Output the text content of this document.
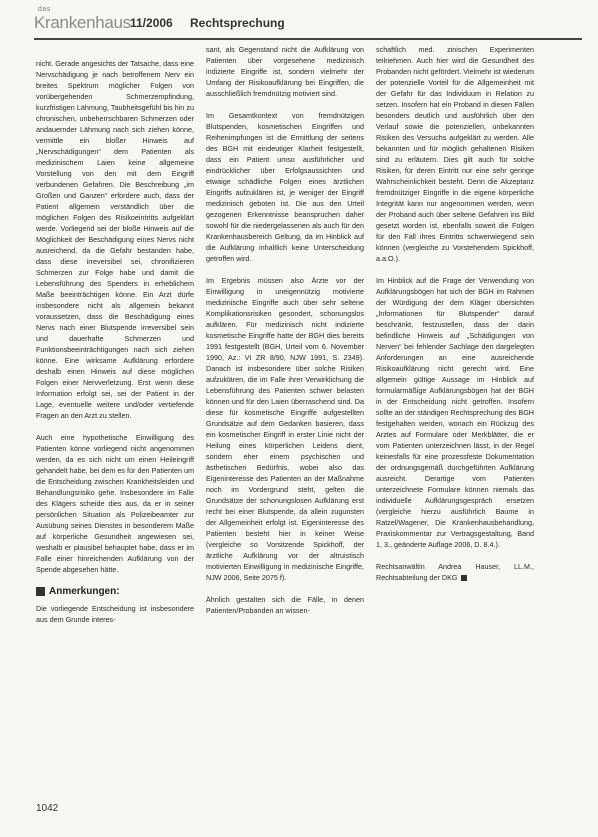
das
Krankenhaus 11/2006 Rechtsprechung

nicht. Gerade angesichts der Tatsache, dass eine Nervschädigung je nach betroffenem Nerv ein breites Spektrum möglicher Folgen von vorübergehenden Schmerzempfindung, kurzfristigen Lähmung, Taubheitsgefühl bis hin zu chronischen, unbeherrschbaren Schmerzen oder andauernder Lähmung nach sich ziehen könne, vermittle ein bloßer Hinweis auf „Nervschädigungen“ dem Patienten als medizinischem Laien keine allgemeine Vorstellung von den mit dem Eingriff verbundenen Gefahren. Die Beschreibung „im Großen und Ganzen“ erfordere auch, dass der Patient allgemein verständlich über die möglichen Folgen des Risikoeintritts aufgeklärt werde. Vorliegend sei der bloße Hinweis auf die Möglichkeit der Beschädigung eines Nervs nicht ausreichend, da die Gefahr bestanden habe, dass diese irreversibel sei, chronifizieren Schmerzen zur Folge habe und damit die Lebensführung des Spenders in erheblichem Maße beeinträchtigen könne. Ein Arzt dürfe insbesondere nicht als allgemein bekannt voraussetzen, dass die Beschädigung eines Nervs nach einer Blutspende irreversibel sein und dauerhafte Schmerzen und Funktionsbeeinträchtigungen nach sich ziehen könne. Eine wirksame Aufklärung erfordere deshalb einen Hinweis auf diese möglichen Folgen einer Nervverletzung. Erst wenn diese Information erfolgt sei, sei der Patient in der Lage, eventuelle weitere und/oder vertiefende Fragen an den Arzt zu stellen.

Auch eine hypothetische Einwilligung des Patienten könne vorliegend nicht angenommen werden, da es sich nicht um einen Heileingriff gehandelt habe, bei dem es für den Patienten um die Entscheidung zwischen Krankheitsleiden und Behandlungsrisiko gehe. Insbesondere im Falle des Klägers scheide dies aus, da er in seiner persönlichen Situation als Polizeibeamter zur Ausübung seines Dienstes in besonderem Maße auf körperliche Gesundheit angewiesen sei, weshalb er plausibel behauptet habe, dass er im Falle einer hinreichenden Aufklärung von der Spende abgesehen hätte.

Anmerkungen:

Die vorliegende Entscheidung ist insbesondere aus dem Grunde interes-

sant, als Gegenstand nicht die Aufklärung von Patienten über vorgesehene medizinisch indizierte Eingriffe ist, sondern vielmehr der Umfang der Risikoaufklärung bei Eingriffen, die ausschließlich fremdnützig motiviert sind.

Im Gesamtkontext von fremdnützigen Blutspenden, kosmetischen Eingriffen und Reihenimpfungen ist die Ermittlung der seitens des BGH mit eindeutiger Klarheit festgestellt, dass ein Patient umso ausführlicher und eindrücklicher über Erfolgsaussichten und etwaige schädliche Folgen eines ärztlichen Eingriffs aufzuklären ist, je weniger der Eingriff medizinisch geboten ist. Die aus den Urteil gezogenen Erkenntnisse beanspruchen daher sowohl für die niedergelassenen als auch für den Krankenhausbereich Geltung, da im Hinblick auf die Aufklärung inhaltlich keine Unterscheidung getroffen wird.

Im Ergebnis müssen also Ärzte vor der Einwilligung in uneigennützig motivierte medizinische Eingriffe auch über sehr seltene Komplikationsrisiken gesondert, schonungslos aufklären. Für medizinisch nicht indizierte kosmetische Eingriffe hatte der BGH dies bereits 1991 festgestellt (BGH, Urteil vom 6. November 1990, Az.: VI ZR 8/90, NJW 1991, S. 2349). Danach ist insbesondere über solche Risiken aufzuklären, die im Falle ihrer Verwirklichung die Lebensführung des Patienten schwer belasten können und für den Laien überraschend sind. Da diese für kosmetische Eingriffe aufgestellten Grundsätze auf dem Gedanken basieren, dass ein kosmetischer Eingriff in erster Linie nicht der Heilung eines körperlichen Leidens dient, sondern eher einem psychischen und ästhetischen Bedürfnis, wobei also das Eigeninteresse des Patienten an der Maßnahme noch im Vordergrund steht, gelten die Grundsätze der schonungslosen Aufklärung erst recht bei einer Blutspende, da allein zugunsten der Allgemeinheit erfolgt ist. Eigeninteresse des Patienten besteht hier in keiner Weise (vergleiche so Vorsitzende Spickhoff, der ärztliche Aufklärung vor der altruistisch motivierten Einwilligung in medizinische Eingriffe, NJW 2006, Seite 2075 f).

Ähnlich gestalten sich die Fälle, in denen Patienten/Probanden an wissen-

schaftlich med. zinischen Experimenten teilnehmen. Auch hier wird die Gesundheit des Probanden nicht gefördert. Vielmehr ist wiederum der potenzielle Vorteil für die Allgemeinheit mit der Gefahr für das Individuum in Relation zu setzen. Insofern hat ein Proband in diesen Fällen besonders deutlich und ausführlich über den Verlauf sowie die potenziellen, unbekannten Risiken des Versuchs aufgeklärt zu werden. Alle bekannten und für möglich gehaltenen Risiken sind zu erläutern. Dies gilt auch für solche Risiken, für deren Eintritt nur eine sehr geringe Wahrscheinlichkeit besteht. Denn die Akzeptanz fremdnütziger Eingriffe in die eigene körperliche Integrität kann nur angenommen werden, wenn der Proband auch über seltene Gefahren ins Bild gesetzt worden ist, ebenfalls soweit die Folgen für den Fall ihres Eintritts schwerwiegend sein können (vergleiche zu Vorstehendem Spickhoff, a.a.O.).

Im Hinblick auf die Frage der Verwendung von Aufklärungsbögen hat sich der BGH im Rahmen der Würdigung der dem Kläger übersichten „Informationen für Blutspender“ darauf beschränkt, festzustellen, dass der darin befindliche Hinweis auf „Schädigungen von Nerven“ bei fehlender Sachlage den dargelegten Anforderungen an eine ausreichende Risikoaufklärung nicht gerecht wird. Eine allgemein gültige Aussage im Hinblick auf formularmäßige Aufklärungsbögen hat der BGH in der Entscheidung nicht getroffen. Insofern sollte an der ständigen Rechtsprechung des BGH festgehalten werden, wonach ein Rückzug des Arztes auf Formulare oder Merkblätter, die er vom Patienten unterzeichnen lässt, in der Regel keinesfalls für eine prozessfeste Dokumentation der ordnungsgemäß durchgeführten Aufklärung ausreicht. Derartige vom Patienten unterzeichnete Formulare können niemals das individuelle Aufklärungsgespräch ersetzen (vergleiche hierzu ausführlich Baume in Ratzel/Wagener, Die Krankenhausbehandlung, Praxiskommentar zur Vertragsgestaltung, Band 1, 3., geänderte Auflage 2006, D. 8.4.).

Rechtsanwältin Andrea Hauser, LL.M., Rechtsabteilung der DKG

1042
